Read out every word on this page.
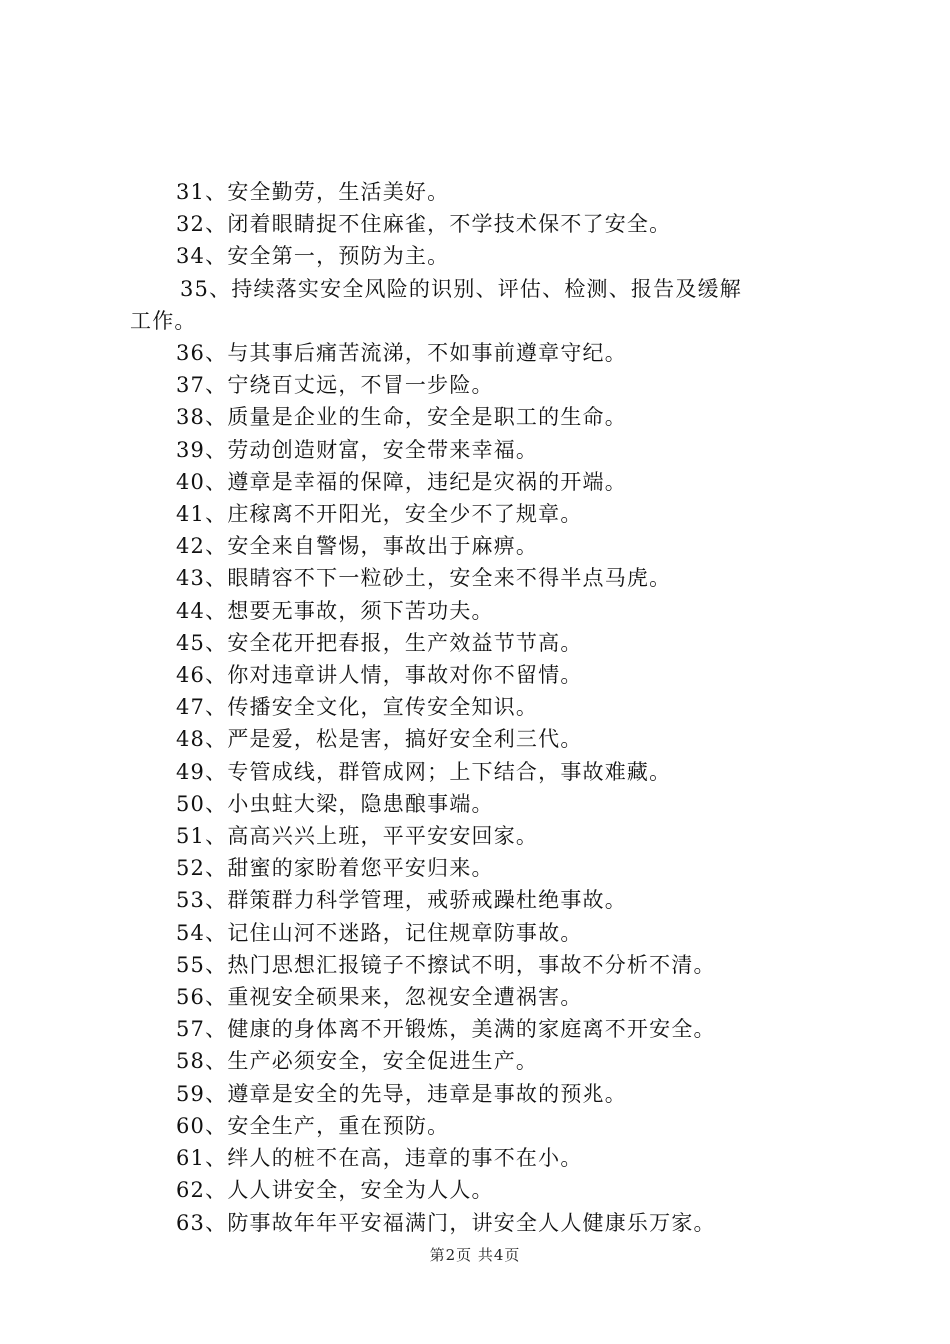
31、安全勤劳，生活美好。
32、闭着眼睛捉不住麻雀，不学技术保不了安全。
34、安全第一，预防为主。
35、持续落实安全风险的识别、评估、检测、报告及缓解
工作。
36、与其事后痛苦流涕，不如事前遵章守纪。
37、宁绕百丈远，不冒一步险。
38、质量是企业的生命，安全是职工的生命。
39、劳动创造财富，安全带来幸福。
40、遵章是幸福的保障，违纪是灾祸的开端。
41、庄稼离不开阳光，安全少不了规章。
42、安全来自警惕，事故出于麻痹。
43、眼睛容不下一粒砂土，安全来不得半点马虎。
44、想要无事故，须下苦功夫。
45、安全花开把春报，生产效益节节高。
46、你对违章讲人情，事故对你不留情。
47、传播安全文化，宣传安全知识。
48、严是爱，松是害，搞好安全利三代。
49、专管成线，群管成网；上下结合，事故难藏。
50、小虫蛀大梁，隐患酿事端。
51、高高兴兴上班，平平安安回家。
52、甜蜜的家盼着您平安归来。
53、群策群力科学管理，戒骄戒躁杜绝事故。
54、记住山河不迷路，记住规章防事故。
55、热门思想汇报镜子不擦试不明，事故不分析不清。
56、重视安全硕果来，忽视安全遭祸害。
57、健康的身体离不开锻炼，美满的家庭离不开安全。
58、生产必须安全，安全促进生产。
59、遵章是安全的先导，违章是事故的预兆。
60、安全生产，重在预防。
61、绊人的桩不在高，违章的事不在小。
62、人人讲安全，安全为人人。
63、防事故年年平安福满门，讲安全人人健康乐万家。
第2页 共4页
